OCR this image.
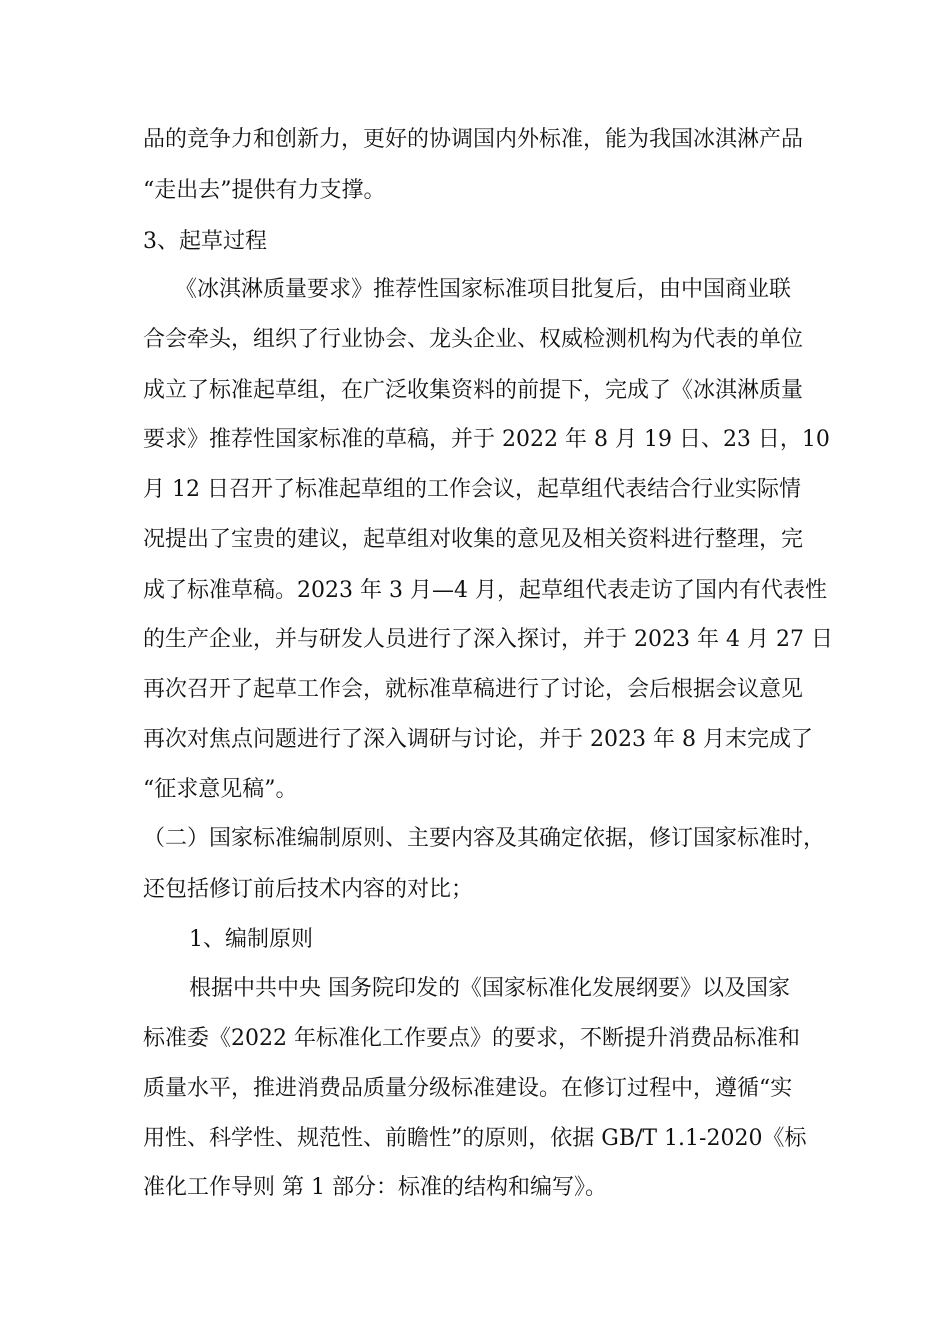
品的竞争力和创新力，更好的协调国内外标准，能为我国冰淇淋产品
“走出去”提供有力支撑。
3、起草过程
《冰淇淋质量要求》推荐性国家标准项目批复后，由中国商业联
合会牵头，组织了行业协会、龙头企业、权威检测机构为代表的单位
成立了标准起草组，在广泛收集资料的前提下，完成了《冰淇淋质量
要求》推荐性国家标准的草稿，并于 2022 年 8 月 19 日、23 日，10
月 12 日召开了标准起草组的工作会议，起草组代表结合行业实际情
况提出了宝贵的建议，起草组对收集的意见及相关资料进行整理，完
成了标准草稿。2023 年 3 月—4 月，起草组代表走访了国内有代表性
的生产企业，并与研发人员进行了深入探讨，并于 2023 年 4 月 27 日
再次召开了起草工作会，就标准草稿进行了讨论，会后根据会议意见
再次对焦点问题进行了深入调研与讨论，并于 2023 年 8 月末完成了
“征求意见稿”。
（二）国家标准编制原则、主要内容及其确定依据，修订国家标准时，
还包括修订前后技术内容的对比；
1、编制原则
根据中共中央 国务院印发的《国家标准化发展纲要》以及国家
标准委《2022 年标准化工作要点》的要求，不断提升消费品标准和
质量水平，推进消费品质量分级标准建设。在修订过程中，遵循“实
用性、科学性、规范性、前瞻性”的原则，依据 GB/T 1.1-2020《标
准化工作导则 第 1 部分：标准的结构和编写》。
